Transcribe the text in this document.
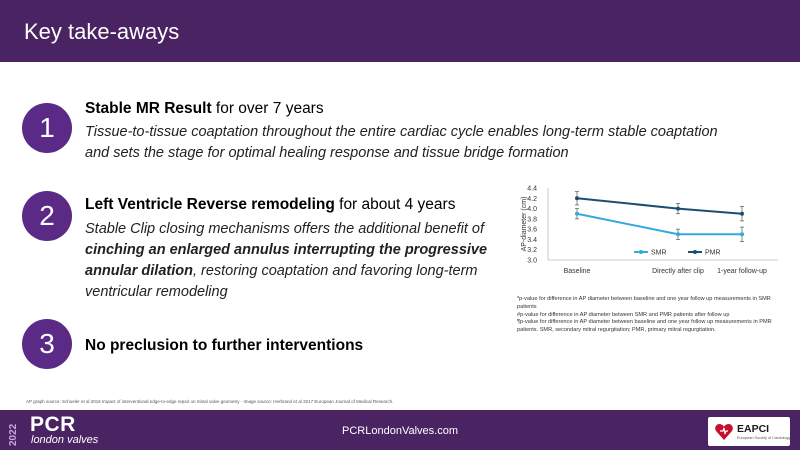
Key take-aways
1
Stable MR Result for over 7 years
Tissue-to-tissue coaptation throughout the entire cardiac cycle enables long-term stable coaptation and sets the stage for optimal healing response and tissue bridge formation
2	Left Ventricle Reverse remodeling for about 4 years
Stable Clip closing mechanisms offers the additional benefit of cinching an enlarged annulus interrupting the progressive annular dilation, restoring coaptation and favoring long-term ventricular remodeling
3	No preclusion to further interventions
3.0
3.2
3.4
3.6
3.8
4.0
4.2
4.4
AP-diameter (cm)
Baseline	Directly after clip 1-year follow-up
SMR	PMR
*p-value for difference in AP diameter between baseline and one year follow up measurements in SMR patients
#p-value for difference in AP diameter between SMR and PMR patients after follow up
¶p-value for difference in AP diameter between baseline and one year follow up measurements in PMR patients. SMR, secondary mitral regurgitation; PMR, primary mitral regurgitation.
AP graph source: Schueler et al 2016 Impact of interventional edge-to-edge repair on mitral valve geometry - Image source: Herbrand et al 2017 European Journal of Medical Research.
2022 PCR
london valves
PCRLondonValves.com	EAPCI
European Society of Cardiology
